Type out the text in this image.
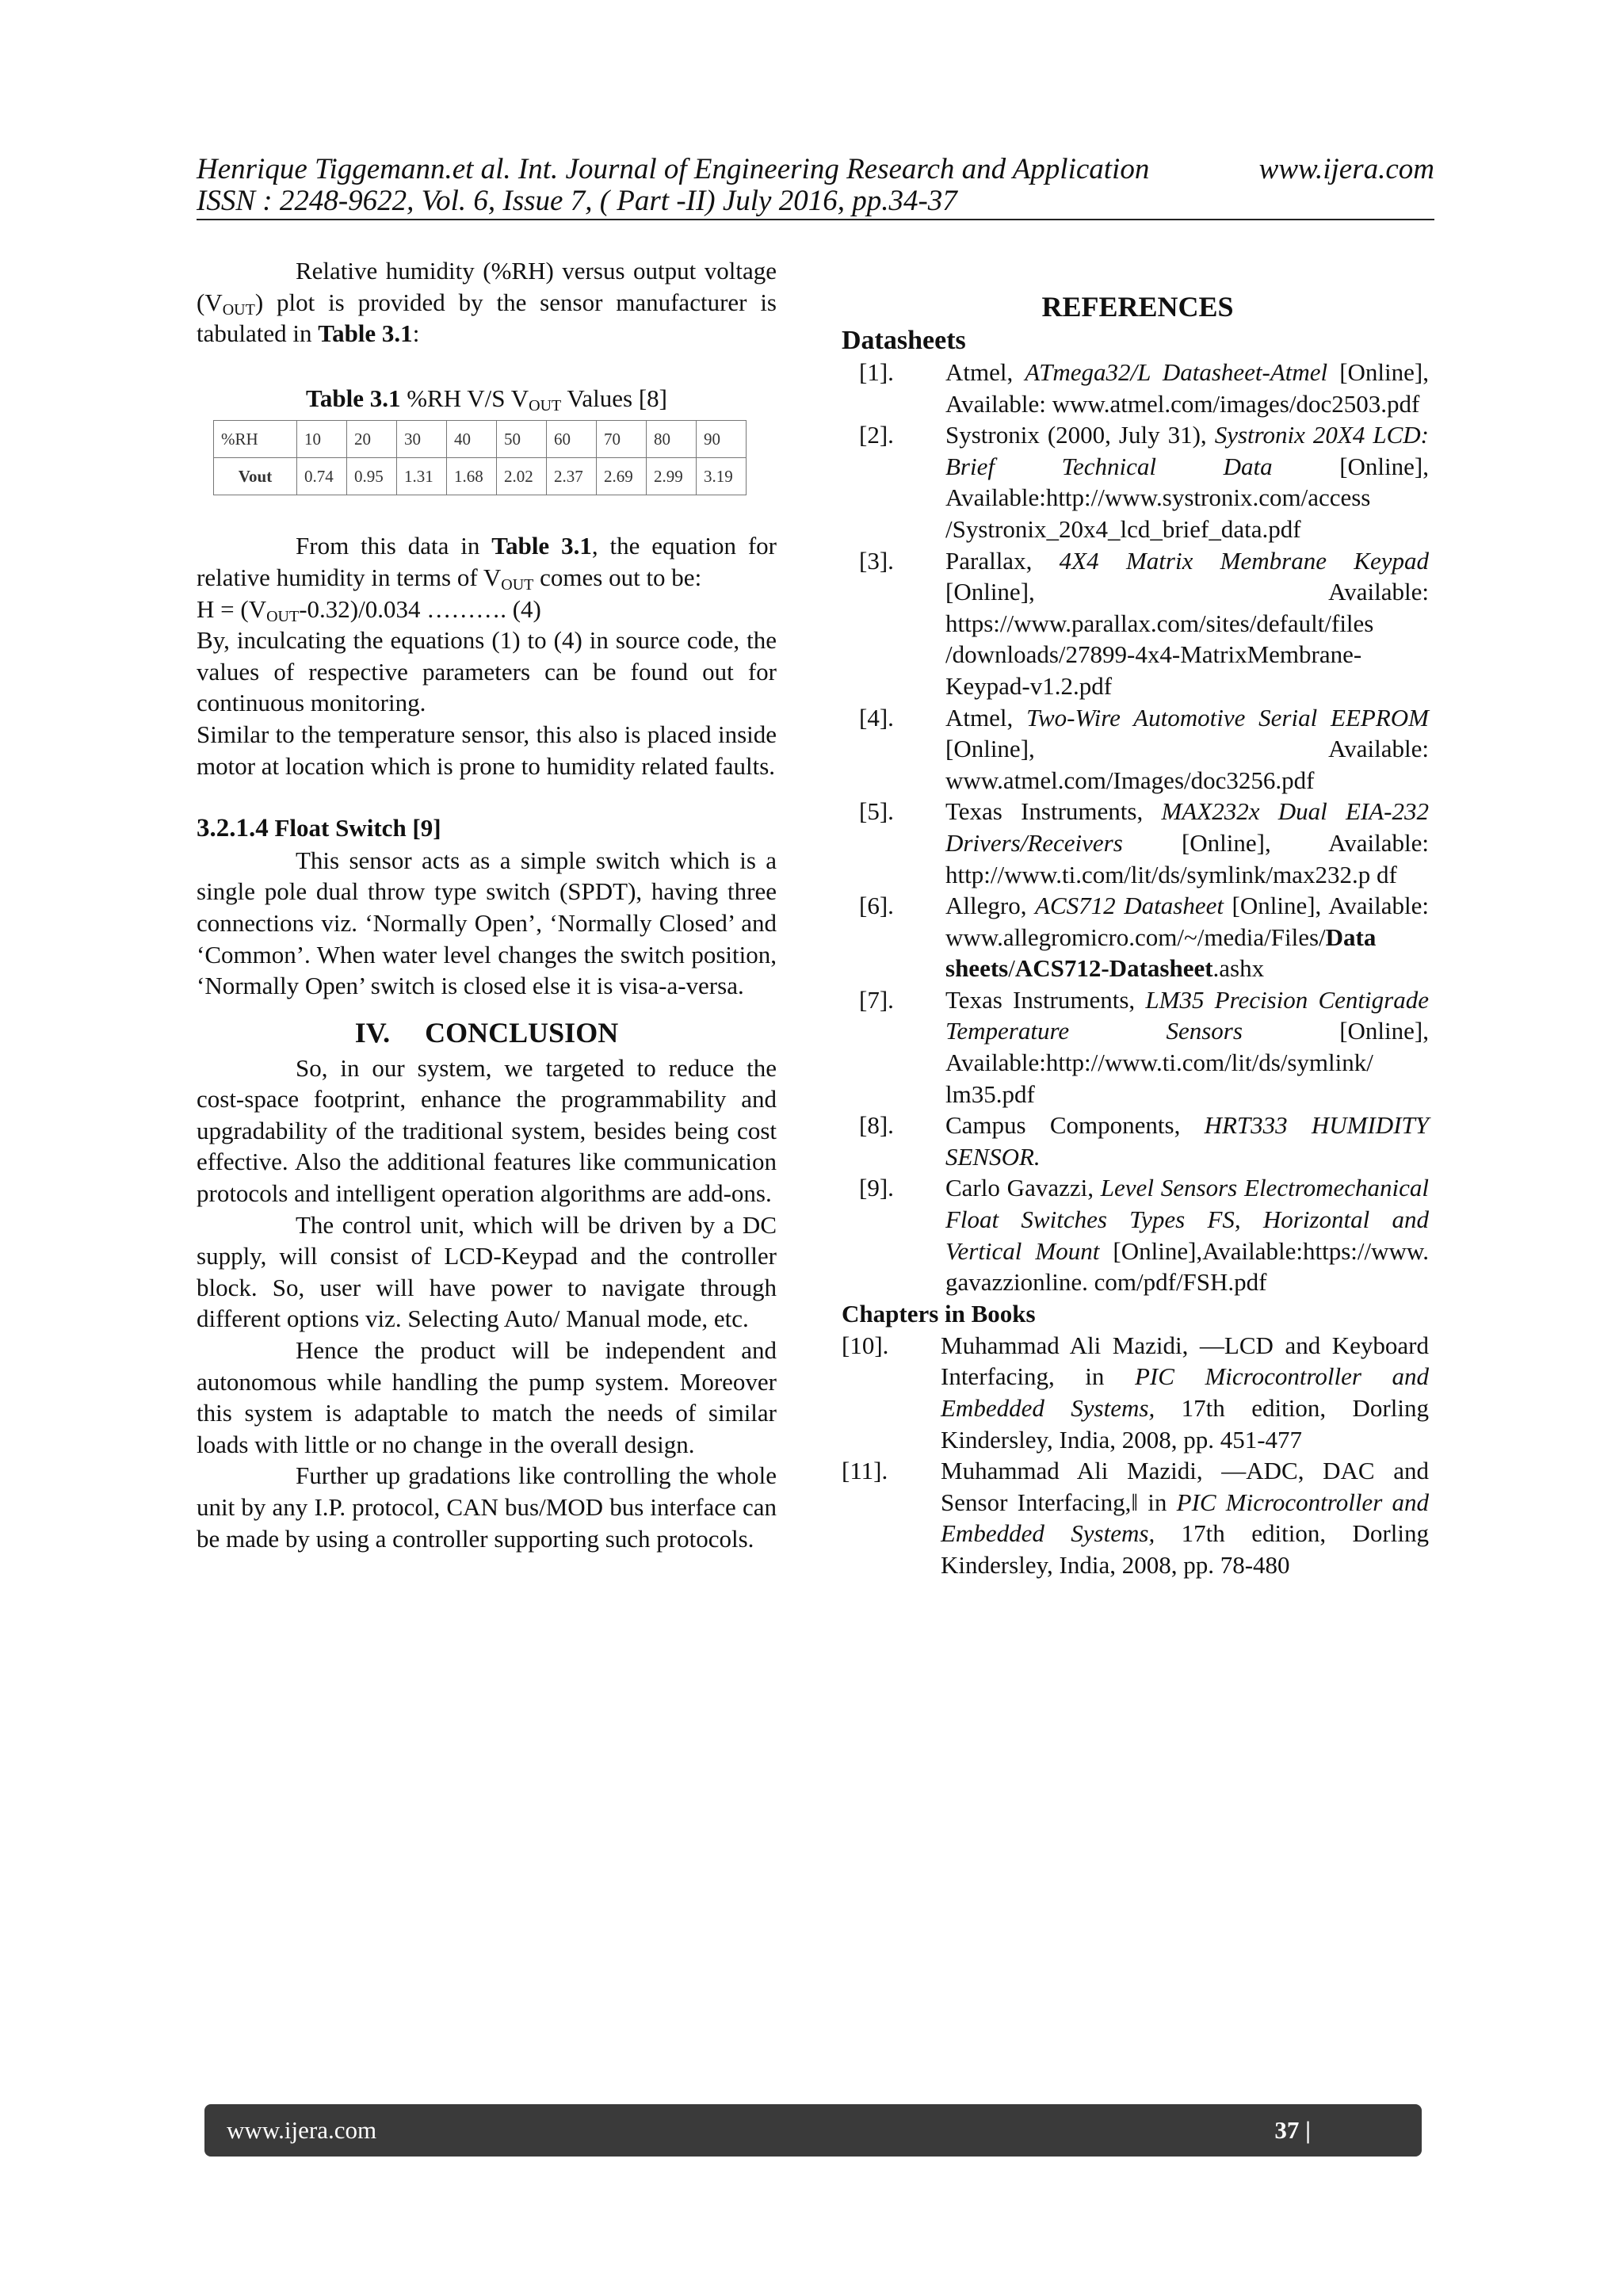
Henrique Tiggemann.et al. Int. Journal of Engineering Research and Application	www.ijera.com
ISSN : 2248-9622, Vol. 6, Issue 7, ( Part -II) July 2016, pp.34-37

Relative humidity (%RH) versus output voltage $(V_{OUT})$ plot is provided by the sensor manufacturer is tabulated in Table 3.1:

Table 3.1 %RH V/S $V_{OUT}$ Values [8]
%RH	10	20	30	40	50	60	70	80	90
Vout	0.74	0.95	1.31	1.68	2.02	2.37	2.69	2.99	3.19

From this data in Table 3.1, the equation for relative humidity in terms of $V_{OUT}$ comes out to be:

$H = (V_{OUT}-0.32)/0.034$ ………. (4)

By, inculcating the equations (1) to (4) in source code, the values of respective parameters can be found out for continuous monitoring.

Similar to the temperature sensor, this also is placed inside motor at location which is prone to humidity related faults.

3.2.1.4 Float Switch [9]

This sensor acts as a simple switch which is a single pole dual throw type switch (SPDT), having three connections viz. ‘Normally Open’, ‘Normally Closed’ and ‘Common’. When water level changes the switch position, ‘Normally Open’ switch is closed else it is visa-a-versa.

IV. CONCLUSION

So, in our system, we targeted to reduce the cost-space footprint, enhance the programmability and upgradability of the traditional system, besides being cost effective. Also the additional features like communication protocols and intelligent operation algorithms are add-ons.

The control unit, which will be driven by a DC supply, will consist of LCD-Keypad and the controller block. So, user will have power to navigate through different options viz. Selecting Auto/ Manual mode, etc.

Hence the product will be independent and autonomous while handling the pump system. Moreover this system is adaptable to match the needs of similar loads with little or no change in the overall design.

Further up gradations like controlling the whole unit by any I.P. protocol, CAN bus/MOD bus interface can be made by using a controller supporting such protocols.

REFERENCES
Datasheets
[1].	Atmel, ATmega32/L Datasheet-Atmel [Online], Available: www.atmel.com/images/doc2503.pdf
[2].	Systronix (2000, July 31), Systronix 20X4 LCD: Brief Technical Data [Online], Available:http://www.systronix.com/access /Systronix_20x4_lcd_brief_data.pdf
[3].	Parallax, 4X4 Matrix Membrane Keypad [Online], Available: https://www.parallax.com/sites/default/files /downloads/27899-4x4-MatrixMembrane-Keypad-v1.2.pdf
[4].	Atmel, Two-Wire Automotive Serial EEPROM [Online], Available: www.atmel.com/Images/doc3256.pdf
[5].	Texas Instruments, MAX232x Dual EIA-232 Drivers/Receivers [Online], Available: http://www.ti.com/lit/ds/symlink/max232.p df
[6].	Allegro, ACS712 Datasheet [Online], Available: www.allegromicro.com/~/media/Files/Data sheets/ACS712-Datasheet.ashx
[7].	Texas Instruments, LM35 Precision Centigrade Temperature Sensors [Online], Available:http://www.ti.com/lit/ds/symlink/ lm35.pdf
[8].	Campus Components, HRT333 HUMIDITY SENSOR.
[9].	Carlo Gavazzi, Level Sensors Electromechanical Float Switches Types FS, Horizontal and Vertical Mount [Online],Available:https://www. gavazzionline. com/pdf/FSH.pdf
Chapters in Books
[10].	Muhammad Ali Mazidi, ―LCD and Keyboard Interfacing, in PIC Microcontroller and Embedded Systems, 17th edition, Dorling Kindersley, India, 2008, pp. 451-477
[11].	Muhammad Ali Mazidi, ―ADC, DAC and Sensor Interfacing,‖ in PIC Microcontroller and Embedded Systems, 17th edition, Dorling Kindersley, India, 2008, pp. 78-480
www.ijera.com	37 |
